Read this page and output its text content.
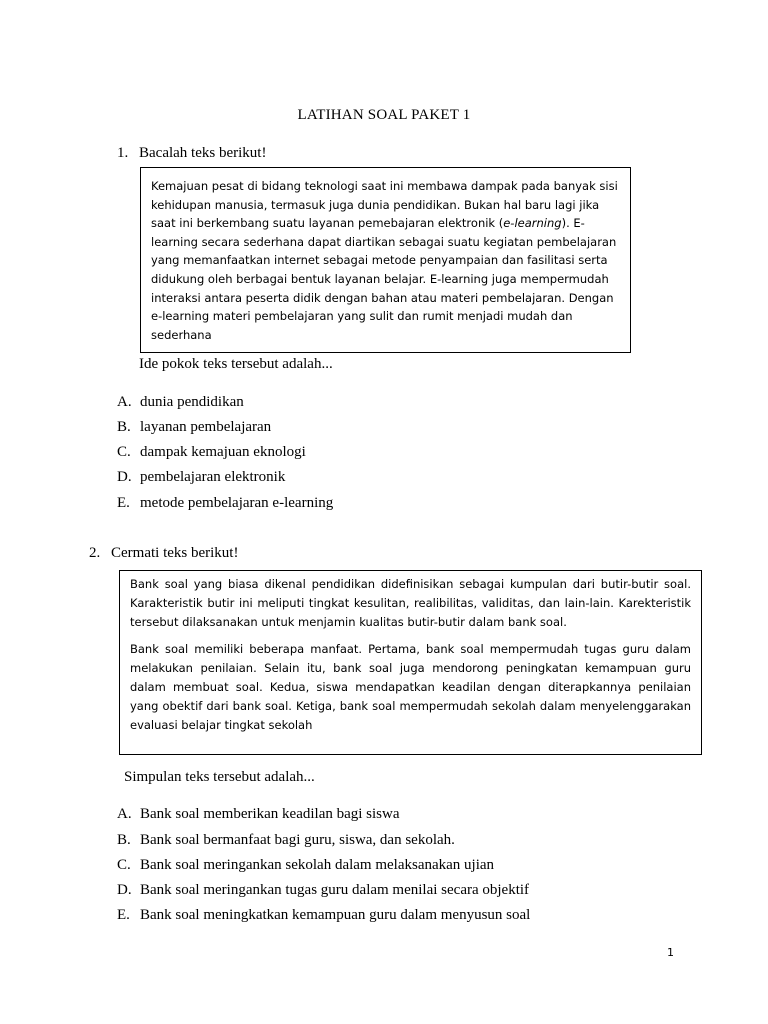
LATIHAN SOAL PAKET 1
1. Bacalah teks berikut!
Kemajuan pesat di bidang teknologi saat ini membawa dampak pada banyak sisi
kehidupan manusia, termasuk juga dunia pendidikan. Bukan hal baru lagi jika
saat ini berkembang suatu layanan pemebajaran elektronik (e-learning). E-
learning secara sederhana dapat diartikan sebagai suatu kegiatan pembelajaran
yang memanfaatkan internet sebagai metode penyampaian dan fasilitasi serta
didukung oleh berbagai bentuk layanan belajar. E-learning juga mempermudah
interaksi antara peserta didik dengan bahan atau materi pembelajaran. Dengan
e-learning materi pembelajaran yang sulit dan rumit menjadi mudah dan
sederhana
Ide pokok teks tersebut adalah...
A. dunia pendidikan
B. layanan pembelajaran
C. dampak kemajuan eknologi
D. pembelajaran elektronik
E. metode pembelajaran e-learning
2. Cermati teks berikut!

Bank soal yang biasa dikenal pendidikan didefinisikan sebagai kumpulan dari butir-butir soal. Karakteristik butir ini meliputi tingkat kesulitan, realibilitas, validitas, dan lain-lain. Karekteristik tersebut dilaksanakan untuk menjamin kualitas butir-butir dalam bank soal.

Bank soal memiliki beberapa manfaat. Pertama, bank soal mempermudah tugas guru dalam melakukan penilaian. Selain itu, bank soal juga mendorong peningkatan kemampuan guru dalam membuat soal. Kedua, siswa mendapatkan keadilan dengan diterapkannya penilaian yang obektif dari bank soal. Ketiga, bank soal mempermudah sekolah dalam menyelenggarakan evaluasi belajar tingkat sekolah

Simpulan teks tersebut adalah...
A. Bank soal memberikan keadilan bagi siswa
B. Bank soal bermanfaat bagi guru, siswa, dan sekolah.
C. Bank soal meringankan sekolah dalam melaksanakan ujian
D. Bank soal meringankan tugas guru dalam menilai secara objektif
E. Bank soal meningkatkan kemampuan guru dalam menyusun soal
1
